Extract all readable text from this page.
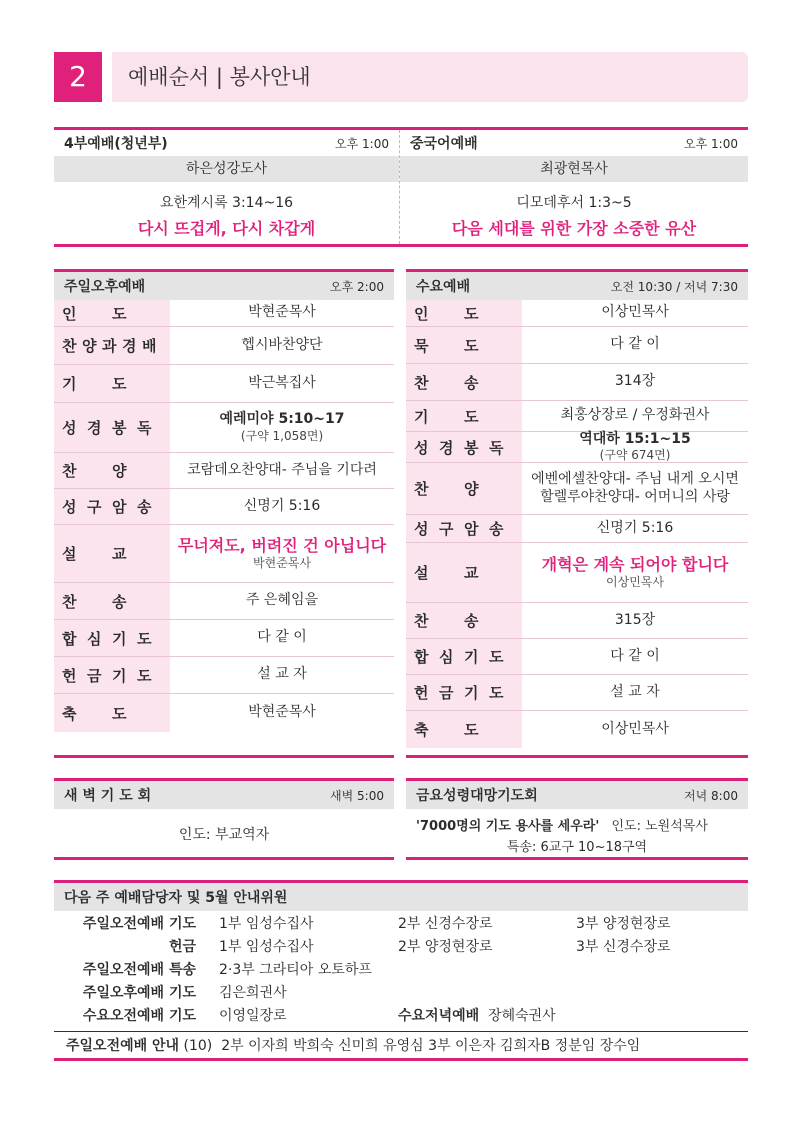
2	예배순서 | 봉사안내
4부예배(청년부)	오후 1:00
하은성강도사
요한계시록 3:14~16
다시 뜨겁게, 다시 차갑게
중국어예배	오후 1:00
최광현목사
디모데후서 1:3~5
다음 세대를 위한 가장 소중한 유산
주일오후예배	오후 2:00
인	도	박현준목사
찬 양 과 경 배	헵시바찬양단
기	도	박근복집사
성 경 봉 독	예레미야 5:10~17
(구약 1,058면)
찬	양	코람데오찬양대- 주님을 기다려
성 구 암 송	신명기 5:16
설	교	무너져도, 버려진 건 아닙니다
박현준목사
찬	송	주 은혜임을
합 심 기 도	다 같 이
헌 금 기 도	설 교 자
축	도	박현준목사
수요예배	오전 10:30 / 저녁 7:30
인	도	이상민목사
묵	도	다 같 이
찬	송	314장
기	도	최홍상장로 / 우정화권사
성 경 봉 독	역대하 15:1~15
(구약 674면)
찬	양
에벤에셀찬양대- 주님 내게 오시면
할렐루야찬양대- 어머니의 사랑
성 구 암 송	신명기 5:16
설	교	개혁은 계속 되어야 합니다
이상민목사
찬	송	315장
합 심 기 도	다 같 이
헌 금 기 도	설 교 자
축	도	이상민목사
새 벽 기 도 회	새벽 5:00
인도: 부교역자
금요성령대망기도회	저녁 8:00
'7000명의 기도 용사를 세우라' 인도: 노원석목사
특송: 6교구 10~18구역
다음 주 예배담당자 및 5월 안내위원
주일오전예배 기도 1부 임성수집사	2부 신경수장로	3부 양정현장로
헌금 1부 임성수집사	2부 양정현장로	3부 신경수장로
주일오전예배 특송 2·3부 그라티아 오토하프
주일오후예배 기도 김은희권사
수요오전예배 기도 이영일장로	수요저녁예배 장혜숙권사
주일오전예배 안내 (10) 2부 이자희 박희숙 신미희 유영심 3부 이은자 김희자B 정분임 장수임
